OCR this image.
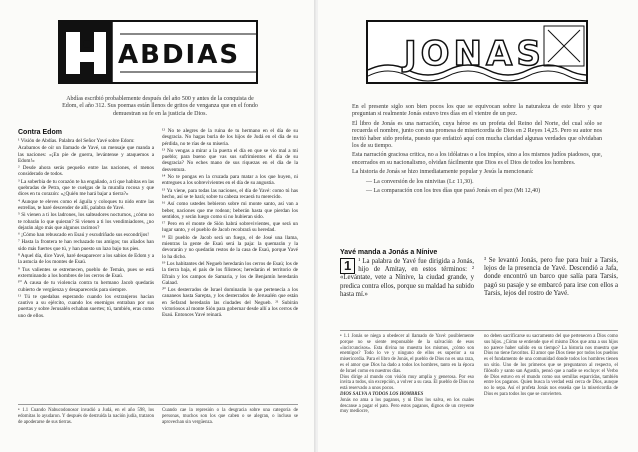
ABDIAS
Abdías escribió probablemente después del año 500 y antes de la conquista de Edom, el año 312. Sus poemas están llenos de gritos de venganza que en el fondo demuestran su fe en la justicia de Dios.
Contra Edom

¹ Visión de Abdías. Palabra del Señor Yavé sobre Edom:

Acabamos de oír un llamado de Yavé, un mensaje que manda a las naciones: «¡En pie de guerra, levántense y ataquemos a Edom!»

² Desde ahora serás pequeño entre las naciones, el menos considerado de todos.

³ La soberbia de tu corazón te ha engañado, a ti que habitas en las quebradas de Petra, que te cuelgas de la muralla rocosa y que dices en tu corazón: «¿Quién me hará bajar a tierra?»

⁴ Aunque te eleves como el águila y coloques tu nido entre las estrellas, te haré descender de allí, palabra de Yavé.

⁵ Si vienen a ti los ladrones, los salteadores nocturnos, ¿cómo no te robarán lo que quieran? Si vienen a ti los vendimiadores, ¿no dejarán algo más que algunos racimos?

⁶ ¡Cómo han rebuscado en Esaú y escudriñado sus escondrijos!

⁷ Hasta la frontera te han rechazado tus amigos; tus aliados han sido más fuertes que tú, y han puesto un lazo bajo tus pies.

⁸ Aquel día, dice Yavé, haré desaparecer a los sabios de Edom y a la astucia de los montes de Esaú.

⁹ Tus valientes se estremecen, pueblo de Temán, pues se está exterminando a los hombres de los cerros de Esaú.

¹⁰ A causa de tu violencia contra tu hermano Jacob quedarás cubierto de vergüenza y desaparecerás para siempre.

¹¹ Tú te quedabas esperando cuando los extranjeros hacían cautivo a su ejército, cuando los enemigos entraban por sus puertas y sobre Jerusalén echaban suertes; tú, también, eras como uno de ellos.

¹² No te alegres de la ruina de tu hermano en el día de su desgracia. No hagas burla de los hijos de Judá en el día de su pérdida, no te rías de su miseria.

¹³ No vengas a mirar a la puerta el día en que se vio mal a mi pueblo; para bueno que vas sus sufrimientos el día de su desgracia? No eches mano de sus riquezas en el día de la desventura.

¹⁴ No te pongas en la cruzada para matar a los que huyen, ni entregues a los sobrevivientes en el día de su angustia.

¹⁵ Ya viene, para todas las naciones, el día de Yavé: como tú has hecho, así se te hará; sobre tu cabeza recaerá tu merecido.

¹⁶ Así como ustedes bebieron sobre mi monte santo, así van a beber, naciones que me rodean; beberán hasta que pierdan los sentidos, y serán luego como si no hubieran sido.

¹⁷ Pero en el monte de Sión habrá sobrevivientes, que será un lugar santo, y el pueblo de Jacob recobrará su heredad.

¹⁸ El pueblo de Jacob será un fuego, el de José una llama, mientras la gente de Esaú será la paja: la quemarán y la devorarán y no quedarán restos de la casa de Esaú, porque Yavé lo ha dicho.

¹⁹ Los habitantes del Negueb heredarán los cerros de Esaú; los de la tierra baja, el país de los filisteos; heredarán el territorio de Efraín y los campos de Samaria, y los de Benjamín heredarán Galaad.

²⁰ Los desterrados de Israel dominarán lo que pertenecía a los cananeos hasta Sarepta, y los desterrados de Jerusalén que están en Sefarad heredarán las ciudades del Negueb. ²¹ Subirán victoriosos al monte Sión para gobernar desde allí a los cerros de Esaú. Entonces Yavé reinará.

• 1.1 Cuando Nabucodonosor invadió a Judá, en el año 598, los edomitas lo ayudaron. Y después de destruida la nación judía, trataron de apoderarse de sus tierras.
Cuando cae la represión o la desgracia sobre una categoría de personas, muchos son los que caben o se alegran, o incluso se aprovechan sin vergüenza.
JONAS

En el presente siglo son bien pocos los que se equivocan sobre la naturaleza de este libro y que preguntan si realmente Jonás estuvo tres días en el vientre de un pez.

El libro de Jonás es una narración, cuya héroe es un profeta del Reino del Norte, del cual sólo se recuerda el nombre, junto con una promesa de misericordia de Dios en 2 Reyes 14,25. Pero su autor nos invitó haber sido profeta, puesto que enfatizó aquí con mucha claridad algunas verdades que olvidaban los de su tiempo.

Esta narración graciosa critica, no a los idólatras o a los impíos, sino a los mismos judíos piadosos, que, encerrados en su nacionalismo, olvidan fácilmente que Dios es el Dios de todos los hombres.

La historia de Jonás se hizo inmediatamente popular y Jesús la mencionará:

— La conversión de los ninivitas (Lc 11,30).

— La comparación con los tres días que pasó Jonás en el pez (Mt 12,40)

Yavé manda a Jonás a Nínive
1	¹ La palabra de Yavé fue dirigida a Jonás, hijo de Amitay, en estos términos: ² «Levántate, vete a Nínive, la ciudad grande, y predica contra ellos, porque su maldad ha subido hasta mí.»
³ Se levantó Jonás, pero fue para huir a Tarsis, lejos de la presencia de Yavé. Descendió a Jafa, donde encontró un barco que salía para Tarsis, pagó su pasaje y se embarcó para irse con ellos a Tarsis, lejos del rostro de Yavé.

• 1.1 Jonás se niega a obedecer al llamado de Yavé: posiblemente porque no se siente responsable de la salvación de esos «incircuncisos». Esta divina no muestra los mismos, ¿cómo son enemigos? Todo lo ve y ninguno de ellos es superior a su misericordia. Para el libro de Jonás, el pueblo de Dios no es una raza, es el amor que Dios ha dado a todos los hombres, tanto en la época de Israel como en nuestros días.

Dios dirige al mundo con visión muy amplia y generosa. Por eso invita a todos, sin excepción, a volver a su casa. El pueblo de Dios no está reservado a unos pocos.

DIOS SALVA A TODOS LOS HOMBRES

Jonás no ama a los paganos, y ni Dios los salva, en los cuales descanse a pagar el pato. Pero estos paganos, dignos de un creyente muy mediocre,

no deben sacrificarse su sacramento del que pertenecen a Dios como sus hijos. ¿Cómo se entiende que el mismo Dios que ama a sus hijos no parece haber salido en su tiempo? La historia nos muestra que Dios no tiene favoritos. El amor que Dios tiene por todos los pueblos es el fundamento de una comunidad donde todos los hombres tienen un sitio. Uno de los primeros que se preguntaron al respecto, el filósofo y santo san Agustín, pensó que a nadie se excluye: el Verbo de Dios estuvo en el mundo como sus semillas esparcidas, también entre los paganos. Quien busca la verdad está cerca de Dios, aunque no lo sepa. Así el profeta Jonás nos enseña que la misericordia de Dios es para todos los que se convierten.
